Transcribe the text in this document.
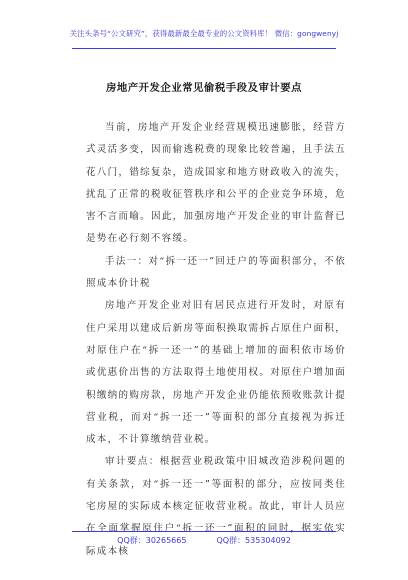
关注头条号“公文研究”，获得最新最全最专业的公文资料库！ 微信：gongwenyj
房地产开发企业常见偷税手段及审计要点

当前，房地产开发企业经营规模迅速膨胀，经营方式灵活多变，因而偷逃税费的现象比较普遍，且手法五花八门，错综复杂，造成国家和地方财政收入的流失，扰乱了正常的税收征管秩序和公平的企业竞争环境，危害不言而喻。因此，加强房地产开发企业的审计监督已是势在必行刻不容缓。

手法一：对“拆一还一”回迁户的等面积部分，不依照成本价计税

房地产开发企业对旧有居民点进行开发时，对原有住户采用以建成后新房等面积换取需拆占原住户面积，对原住户在“拆一还一”的基础上增加的面积依市场价或优惠价出售的方法取得土地使用权。对原住户增加面积缴纳的购房款，房地产开发企业仍能依预收账款计提营业税，而对“拆一还一”等面积的部分直接视为拆迁成本，不计算缴纳营业税。

审计要点：根据营业税政策中旧城改造涉税问题的有关条款，对“拆一还一”等面积的部分，应按同类住宅房屋的实际成本核定征收营业税。故此，审计人员应在全面掌握原住户“拆一还一”面积的同时，据实依实际成本核

QQ群：30265665	QQ群：535304092
